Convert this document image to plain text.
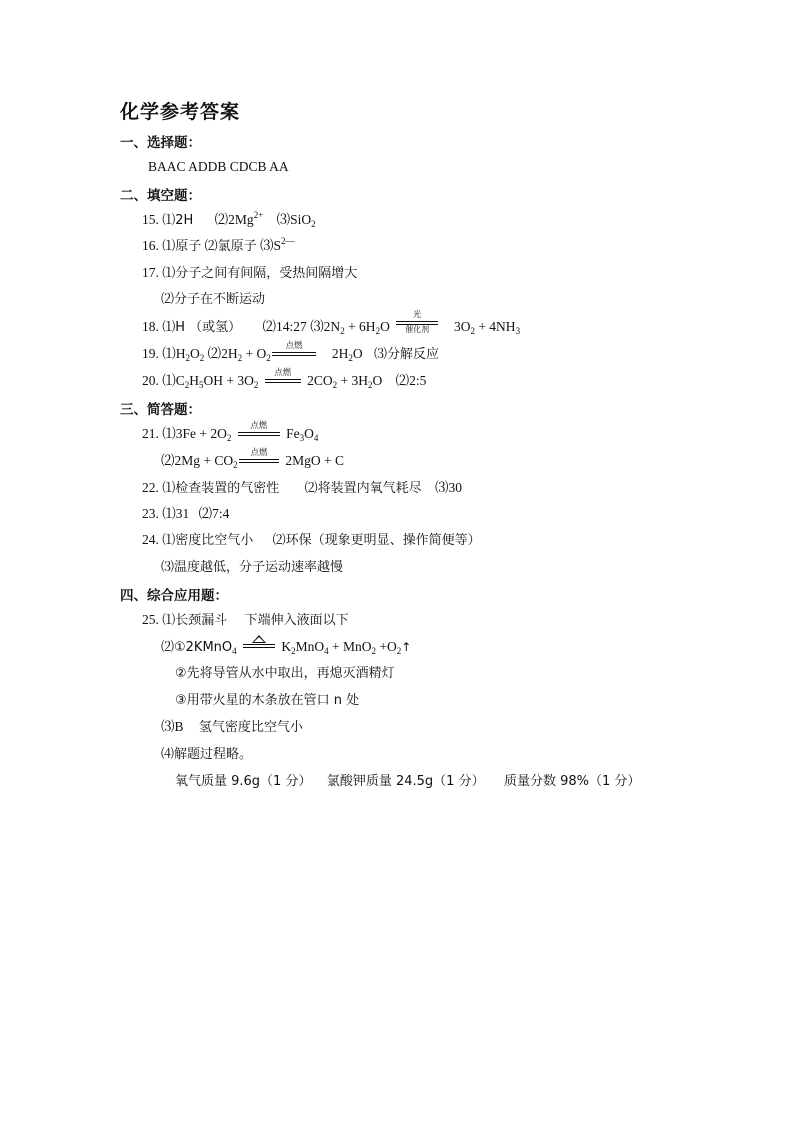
化学参考答案
一、选择题：
BAAC ADDB CDCB AA
二、填空题：
15. ⑴2H $⑵2Mg^{2+}$ ⑶SiO$_2$
16. ⑴原子 ⑵氯原子 $⑶S^{2—}$
17. ⑴分子之间有间隔，受热间隔增大
⑵分子在不断运动
18. ⑴H （或氢） ⑵14:27 $⑶2N_2 + 6H_2O$
光
催化剂	$3O_2 + 4NH_3$
19. $⑴H_2O_2$ $⑵2H_2 + O_2$
点燃
$2H_2O$ ⑶分解反应
20. $⑴C_2H_5OH + 3O_2$
点燃
$2CO_2 + 3H_2O$ ⑵2:5
三、简答题：
21. ⑴3Fe + $2O_2$
点燃
$Fe_3O_4$
⑵2Mg + $CO_2$
点燃
2MgO + C
22. ⑴检查装置的气密性 ⑵将装置内氧气耗尽 ⑶30
23. ⑴31 ⑵7:4
24. ⑴密度比空气小 ⑵环保（现象更明显、操作简便等）
⑶温度越低，分子运动速率越慢
四、综合应用题：
25. ⑴长颈漏斗 下端伸入液面以下
⑵①2KMnO$_4$	$K_2MnO_4 + MnO_2$ $+O_2↑$
②先将导管从水中取出，再熄灭酒精灯
③用带火星的木条放在管口 n 处
⑶B 氢气密度比空气小
⑷解题过程略。
氧气质量 9.6g（1 分） 氯酸钾质量 24.5g（1 分） 质量分数 98%（1 分）
